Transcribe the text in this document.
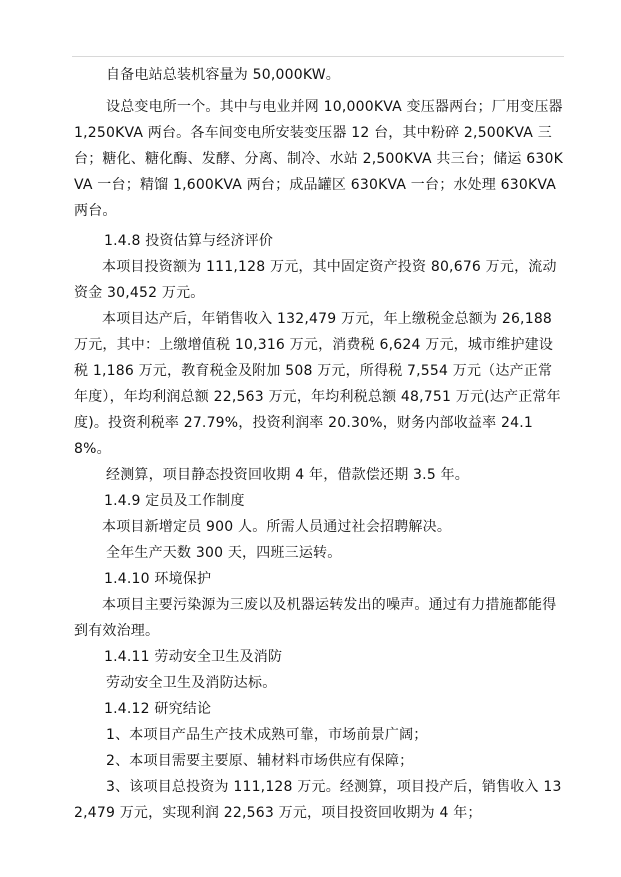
自备电站总装机容量为 50,000KW。

设总变电所一个。其中与电业并网 10,000KVA 变压器两台；厂用变压器 1,250KVA 两台。各车间变电所安装变压器 12 台，其中粉碎 2,500KVA 三台；糖化、糖化酶、发酵、分离、制冷、水站 2,500KVA 共三台；储运 630KVA 一台；精馏 1,600KVA 两台；成品罐区 630KVA 一台；水处理 630KVA 两台。

1.4.8 投资估算与经济评价

本项目投资额为 111,128 万元，其中固定资产投资 80,676 万元，流动资金 30,452 万元。

本项目达产后，年销售收入 132,479 万元，年上缴税金总额为 26,188 万元，其中：上缴增值税 10,316 万元，消费税 6,624 万元，城市维护建设税 1,186 万元，教育税金及附加 508 万元，所得税 7,554 万元（达产正常年度），年均利润总额 22,563 万元，年均利税总额 48,751 万元(达产正常年度)。投资利税率 27.79%，投资利润率 20.30%，财务内部收益率 24.18%。

经测算，项目静态投资回收期 4 年，借款偿还期 3.5 年。

1.4.9 定员及工作制度

本项目新增定员 900 人。所需人员通过社会招聘解决。

全年生产天数 300 天，四班三运转。

1.4.10 环境保护

本项目主要污染源为三废以及机器运转发出的噪声。通过有力措施都能得到有效治理。

1.4.11 劳动安全卫生及消防

劳动安全卫生及消防达标。

1.4.12 研究结论

1、本项目产品生产技术成熟可靠，市场前景广阔；

2、本项目需要主要原、辅材料市场供应有保障；

3、该项目总投资为 111,128 万元。经测算，项目投产后，销售收入 132,479 万元，实现利润 22,563 万元，项目投资回收期为 4 年；
